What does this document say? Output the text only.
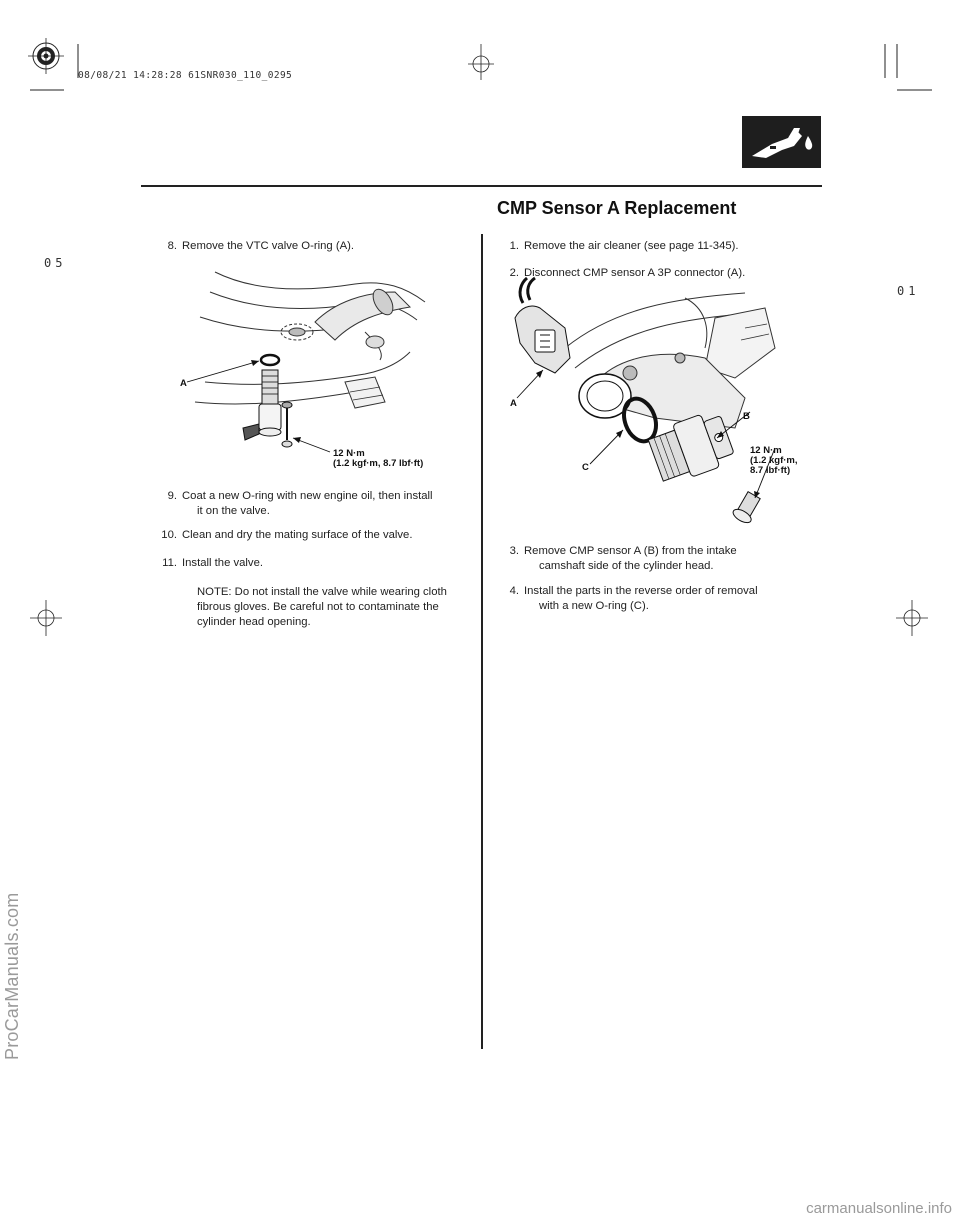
08/08/21 14:28:28 61SNR030_110_0295
05
01
ProCarManuals.com
CMP Sensor A Replacement
8. Remove the VTC valve O-ring (A).
A
12 N·m
(1.2 kgf·m, 8.7 lbf·ft)
9. Coat a new O-ring with new engine oil, then install
it on the valve.
10. Clean and dry the mating surface of the valve.
11. Install the valve.
NOTE: Do not install the valve while wearing cloth
fibrous gloves. Be careful not to contaminate the
cylinder head opening.
1. Remove the air cleaner (see page 11-345).
2. Disconnect CMP sensor A 3P connector (A).
A
B
C
12 N·m
(1.2 kgf·m,
8.7 lbf·ft)
3. Remove CMP sensor A (B) from the intake
camshaft side of the cylinder head.
4. Install the parts in the reverse order of removal
with a new O-ring (C).
carmanualsonline.info
